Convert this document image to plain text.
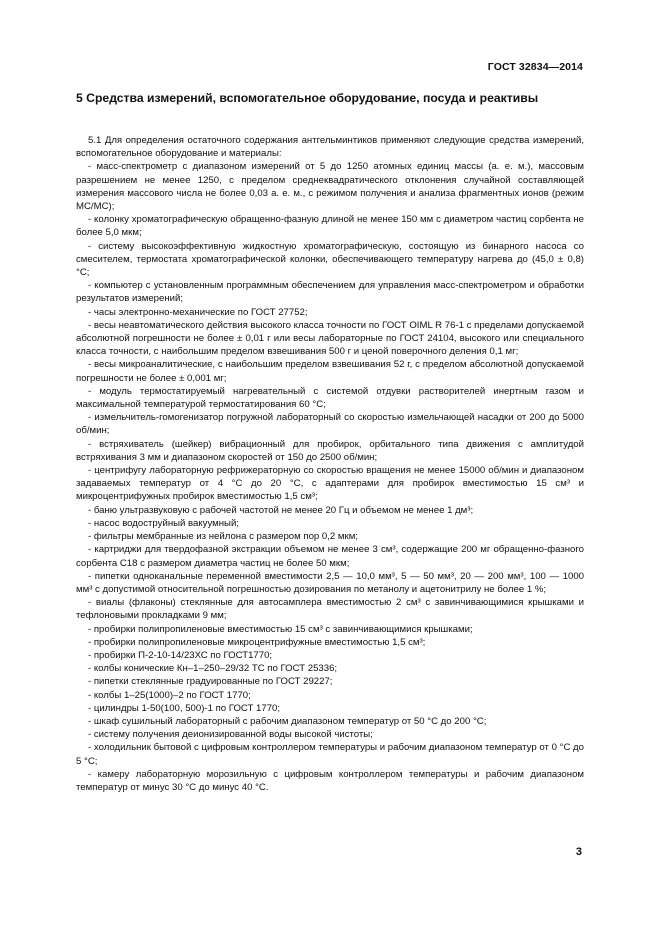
ГОСТ 32834—2014
5 Средства измерений, вспомогательное оборудование, посуда и реактивы

5.1 Для определения остаточного содержания антгельминтиков применяют следующие средства измерений, вспомогательное оборудование и материалы:

- масс-спектрометр с диапазоном измерений от 5 до 1250 атомных единиц массы (а. е. м.), массовым разрешением не менее 1250, с пределом среднеквадратического отклонения случайной составляющей измерения массового числа не более 0,03 а. е. м., с режимом получения и анализа фрагментных ионов (режим МС/МС);

- колонку хроматографическую обращенно-фазную длиной не менее 150 мм с диаметром частиц сорбента не более 5,0 мкм;

- систему высокоэффективную жидкостную хроматографическую, состоящую из бинарного насоса со смесителем, термостата хроматографической колонки, обеспечивающего температуру нагрева до (45,0 ± 0,8) °С;

- компьютер с установленным программным обеспечением для управления масс-спектрометром и обработки результатов измерений;

- часы электронно-механические по ГОСТ 27752;

- весы неавтоматического действия высокого класса точности по ГОСТ OIML R 76-1 с пределами допускаемой абсолютной погрешности не более ± 0,01 г или весы лабораторные по ГОСТ 24104, высокого или специального класса точности, с наибольшим пределом взвешивания 500 г и ценой поверочного деления 0,1 мг;

- весы микроаналитические, с наибольшим пределом взвешивания 52 г, с пределом абсолютной допускаемой погрешности не более ± 0,001 мг;

- модуль термостатируемый нагревательный с системой отдувки растворителей инертным газом и максимальной температурой термостатирования 60 °С;

- измельчитель-гомогенизатор погружной лабораторный со скоростью измельчающей насадки от 200 до 5000 об/мин;

- встряхиватель (шейкер) вибрационный для пробирок, орбитального типа движения с амплитудой встряхивания 3 мм и диапазоном скоростей от 150 до 2500 об/мин;

- центрифугу лабораторную рефрижераторную со скоростью вращения не менее 15000 об/мин и диапазоном задаваемых температур от 4 °С до 20 °С, с адаптерами для пробирок вместимостью 15 см³ и микроцентрифужных пробирок вместимостью 1,5 см³;

- баню ультразвуковую с рабочей частотой не менее 20 Гц и объемом не менее 1 дм³;

- насос водоструйный вакуумный;

- фильтры мембранные из нейлона с размером пор 0,2 мкм;

- картриджи для твердофазной экстракции объемом не менее 3 см³, содержащие 200 мг обращенно-фазного сорбента С18 с размером диаметра частиц не более 50 мкм;

- пипетки одноканальные переменной вместимости 2,5 — 10,0 мм³, 5 — 50 мм³, 20 — 200 мм³, 100 — 1000 мм³ с допустимой относительной погрешностью дозирования по метанолу и ацетонитрилу не более 1 %;

- виалы (флаконы) стеклянные для автосамплера вместимостью 2 см³ с завинчивающимися крышками и тефлоновыми прокладками 9 мм;

- пробирки полипропиленовые вместимостью 15 см³ с завинчивающимися крышками;

- пробирки полипропиленовые микроцентрифужные вместимостью 1,5 см³;

- пробирки П-2-10-14/23ХС по ГОСТ1770;

- колбы конические Кн–1–250–29/32 ТС по ГОСТ 25336;

- пипетки стеклянные градуированные по ГОСТ 29227;

- колбы 1–25(1000)–2 по ГОСТ 1770;

- цилиндры 1-50(100, 500)-1 по ГОСТ 1770;

- шкаф сушильный лабораторный с рабочим диапазоном температур от 50 °С до 200 °С;

- систему получения деионизированной воды высокой чистоты;

- холодильник бытовой с цифровым контроллером температуры и рабочим диапазоном температур от 0 °С до 5 °С;

- камеру лабораторную морозильную с цифровым контроллером температуры и рабочим диапазоном температур от минус 30 °С до минус 40 °С.

3
